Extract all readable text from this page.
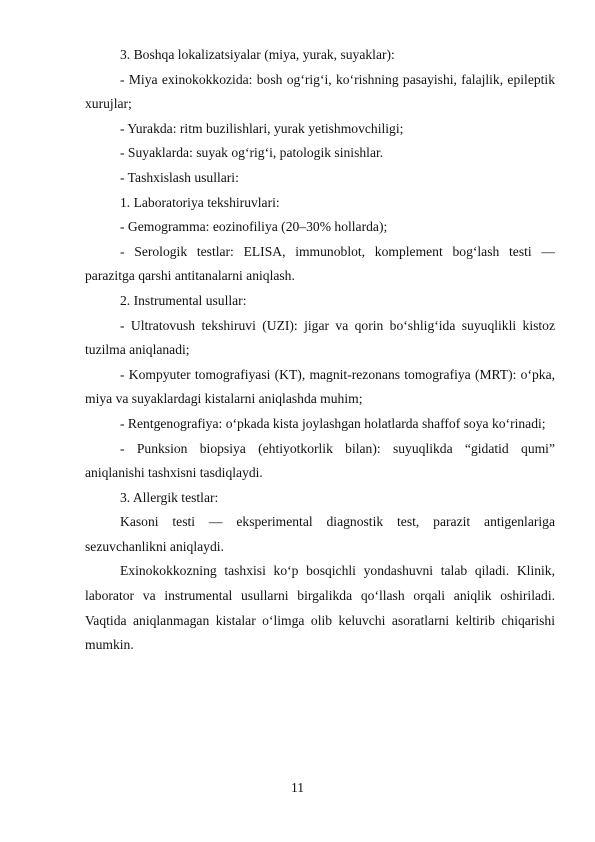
3. Boshqa lokalizatsiyalar (miya, yurak, suyaklar):

- Miya exinokokkozida: bosh og‘rig‘i, ko‘rishning pasayishi, falajlik, epileptik xurujlar;

- Yurakda: ritm buzilishlari, yurak yetishmovchiligi;

- Suyaklarda: suyak og‘rig‘i, patologik sinishlar.

- Tashxislash usullari:

1. Laboratoriya tekshiruvlari:

- Gemogramma: eozinofiliya (20–30% hollarda);

- Serologik testlar: ELISA, immunoblot, komplement bog‘lash testi — parazitga qarshi antitanalarni aniqlash.

2. Instrumental usullar:

- Ultratovush tekshiruvi (UZI): jigar va qorin bo‘shlig‘ida suyuqlikli kistoz tuzilma aniqlanadi;

- Kompyuter tomografiyasi (KT), magnit-rezonans tomografiya (MRT): o‘pka, miya va suyaklardagi kistalarni aniqlashda muhim;

- Rentgenografiya: o‘pkada kista joylashgan holatlarda shaffof soya ko‘rinadi;

- Punksion biopsiya (ehtiyotkorlik bilan): suyuqlikda “gidatid qumi” aniqlanishi tashxisni tasdiqlaydi.

3. Allergik testlar:

Kasoni testi — eksperimental diagnostik test, parazit antigenlariga sezuvchanlikni aniqlaydi.

Exinokokkozning tashxisi ko‘p bosqichli yondashuvni talab qiladi. Klinik, laborator va instrumental usullarni birgalikda qo‘llash orqali aniqlik oshiriladi. Vaqtida aniqlanmagan kistalar o‘limga olib keluvchi asoratlarni keltirib chiqarishi mumkin.

11
